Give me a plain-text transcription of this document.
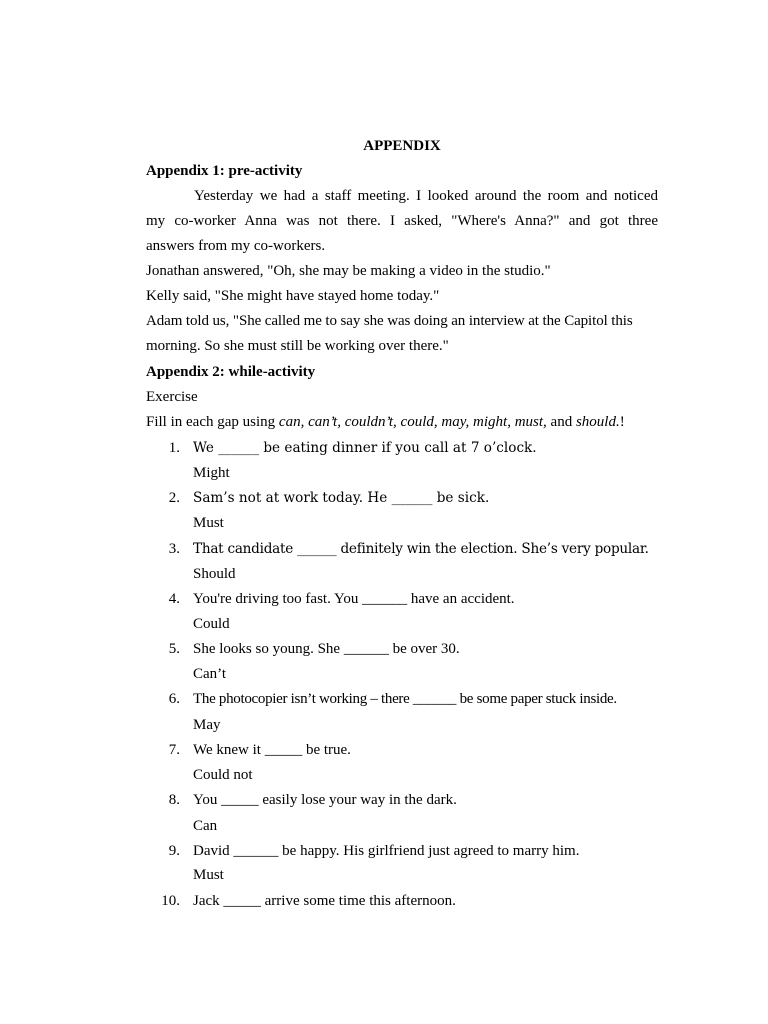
APPENDIX
Appendix 1: pre-activity
Yesterday we had a staff meeting. I looked around the room and noticed
my co-worker Anna was not there. I asked, "Where's Anna?" and got three
answers from my co-workers.
Jonathan answered, "Oh, she may be making a video in the studio."
Kelly said, "She might have stayed home today."
Adam told us, "She called me to say she was doing an interview at the Capitol this
morning. So she must still be working over there."
Appendix 2: while-activity
Exercise
Fill in each gap using can, can’t, couldn’t, could, may, might, must, and should.!
1. We ______ be eating dinner if you call at 7 o’clock.
Might
2. Sam’s not at work today. He ______ be sick.
Must
3. That candidate ______ definitely win the election. She’s very popular.
Should
4. You're driving too fast. You ______ have an accident.
Could
5. She looks so young. She ______ be over 30.
Can’t
6. The photocopier isn’t working – there ______ be some paper stuck inside.
May
7. We knew it _____ be true.
Could not
8. You _____ easily lose your way in the dark.
Can
9. David ______ be happy. His girlfriend just agreed to marry him.
Must
10. Jack _____ arrive some time this afternoon.
